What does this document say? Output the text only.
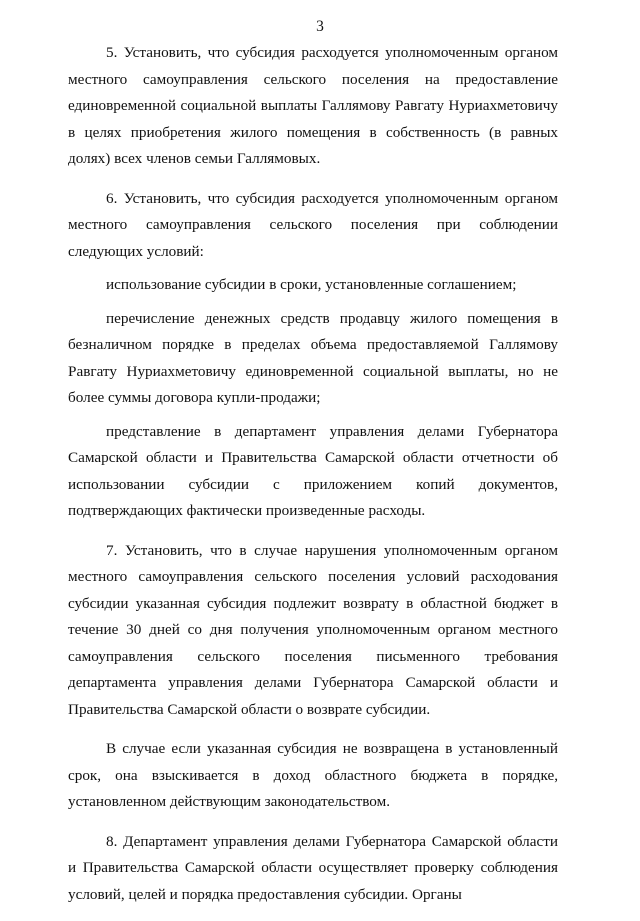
3

5. Установить, что субсидия расходуется уполномоченным органом местного самоуправления сельского поселения на предоставление единовременной социальной выплаты Галлямову Равгату Нуриахметовичу в целях приобретения жилого помещения в собственность (в равных долях) всех членов семьи Галлямовых.

6. Установить, что субсидия расходуется уполномоченным органом местного самоуправления сельского поселения при соблюдении следующих условий:

использование субсидии в сроки, установленные соглашением;

перечисление денежных средств продавцу жилого помещения в безналичном порядке в пределах объема предоставляемой Галлямову Равгату Нуриахметовичу единовременной социальной выплаты, но не более суммы договора купли-продажи;

представление в департамент управления делами Губернатора Самарской области и Правительства Самарской области отчетности об использовании субсидии с приложением копий документов, подтверждающих фактически произведенные расходы.

7. Установить, что в случае нарушения уполномоченным органом местного самоуправления сельского поселения условий расходования субсидии указанная субсидия подлежит возврату в областной бюджет в течение 30 дней со дня получения уполномоченным органом местного самоуправления сельского поселения письменного требования департамента управления делами Губернатора Самарской области и Правительства Самарской области о возврате субсидии.

В случае если указанная субсидия не возвращена в установленный срок, она взыскивается в доход областного бюджета в порядке, установленном действующим законодательством.

8. Департамент управления делами Губернатора Самарской области и Правительства Самарской области осуществляет проверку соблюдения условий, целей и порядка предоставления субсидии. Органы
